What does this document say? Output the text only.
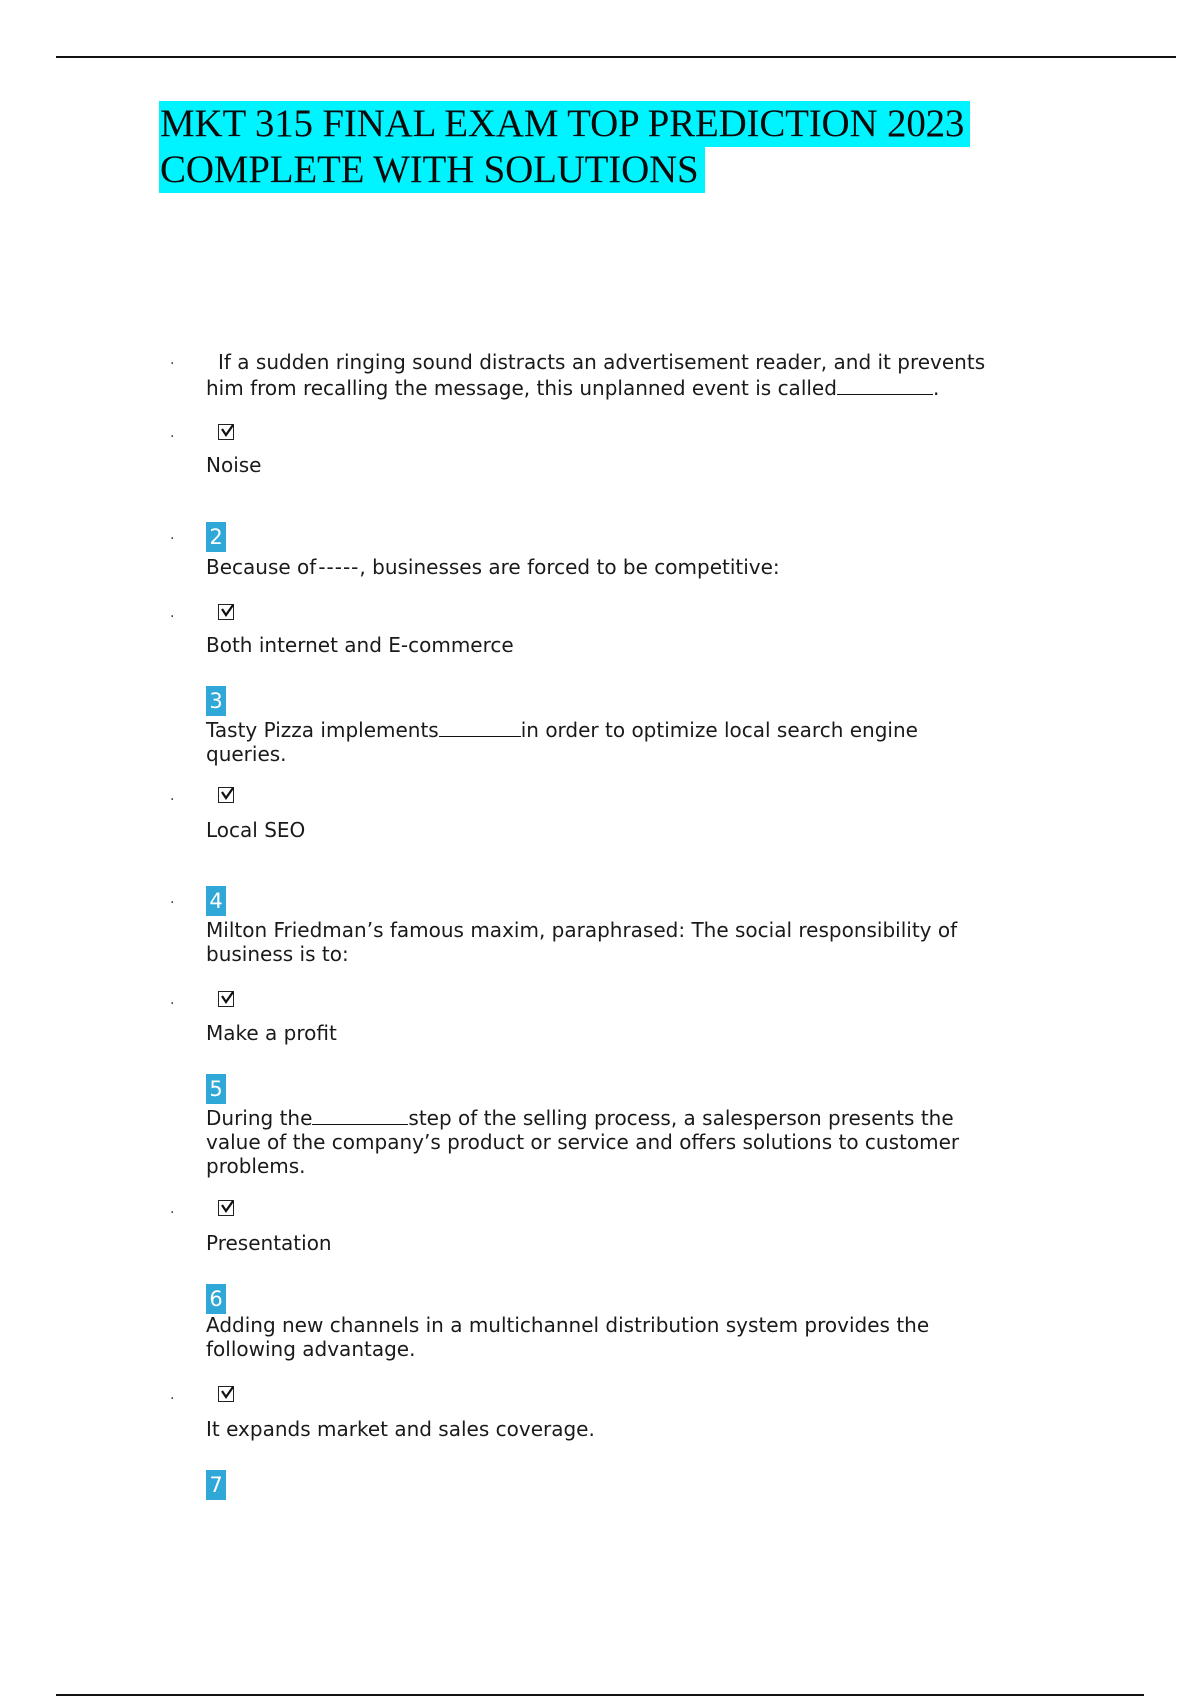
MKT 315 FINAL EXAM TOP PREDICTION 2023
COMPLETE WITH SOLUTIONS
·	If a sudden ringing sound distracts an advertisement reader, and it prevents
him from recalling the message, this unplanned event is called	.
·
Noise
· 2
Because of -----, businesses are forced to be competitive:
·
Both internet and E-commerce
3
Tasty Pizza implements	in order to optimize local search engine
queries.
·
Local SEO
· 4
Milton Friedman’s famous maxim, paraphrased: The social responsibility of
business is to:
·
Make a profit
5
During the	step of the selling process, a salesperson presents the
value of the company’s product or service and offers solutions to customer
problems.
·
Presentation
6
Adding new channels in a multichannel distribution system provides the
following advantage.
·
It expands market and sales coverage.
7
